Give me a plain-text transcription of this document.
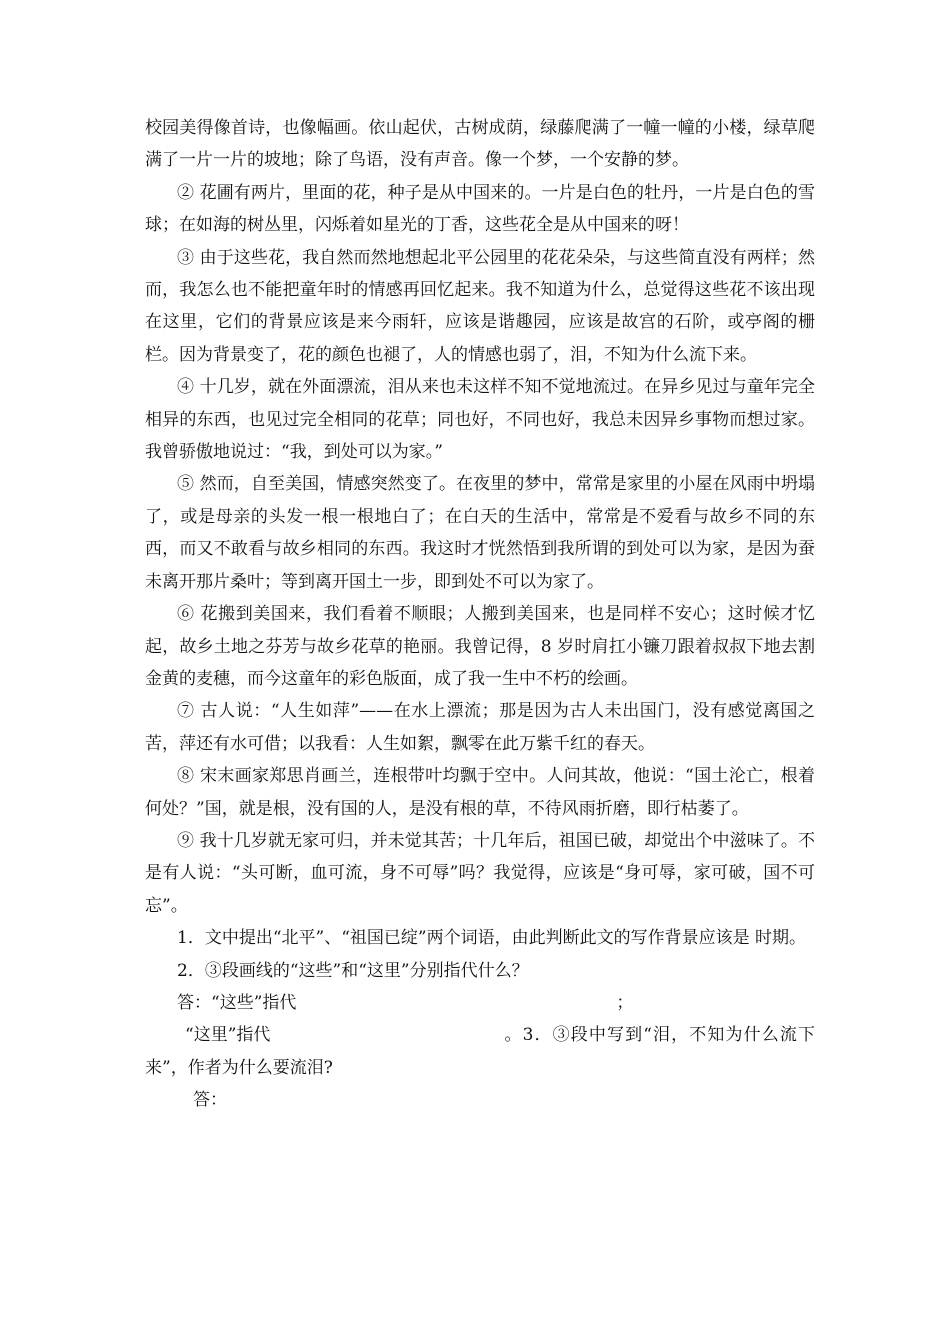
校园美得像首诗，也像幅画。依山起伏，古树成荫，绿藤爬满了一幢一幢的小楼，绿草爬满了一片一片的坡地；除了鸟语，没有声音。像一个梦，一个安静的梦。

② 花圃有两片，里面的花，种子是从中国来的。一片是白色的牡丹，一片是白色的雪球；在如海的树丛里，闪烁着如星光的丁香，这些花全是从中国来的呀！

③ 由于这些花，我自然而然地想起北平公园里的花花朵朵，与这些简直没有两样；然而，我怎么也不能把童年时的情感再回忆起来。我不知道为什么，总觉得这些花不该出现在这里，它们的背景应该是来今雨轩，应该是谐趣园，应该是故宫的石阶，或亭阁的栅栏。因为背景变了，花的颜色也褪了，人的情感也弱了，泪，不知为什么流下来。

④ 十几岁，就在外面漂流，泪从来也未这样不知不觉地流过。在异乡见过与童年完全相异的东西，也见过完全相同的花草；同也好，不同也好，我总未因异乡事物而想过家。我曾骄傲地说过：“我，到处可以为家。”

⑤ 然而，自至美国，情感突然变了。在夜里的梦中，常常是家里的小屋在风雨中坍塌了，或是母亲的头发一根一根地白了；在白天的生活中，常常是不爱看与故乡不同的东西，而又不敢看与故乡相同的东西。我这时才恍然悟到我所谓的到处可以为家，是因为蚕未离开那片桑叶；等到离开国土一步，即到处不可以为家了。

⑥ 花搬到美国来，我们看着不顺眼；人搬到美国来，也是同样不安心；这时候才忆起，故乡土地之芬芳与故乡花草的艳丽。我曾记得，8 岁时肩扛小镰刀跟着叔叔下地去割金黄的麦穗，而今这童年的彩色版面，成了我一生中不朽的绘画。

⑦ 古人说：“人生如萍”——在水上漂流；那是因为古人未出国门，没有感觉离国之苦，萍还有水可借；以我看：人生如絮，飘零在此万紫千红的春天。

⑧ 宋末画家郑思肖画兰，连根带叶均飘于空中。人问其故，他说：“国土沦亡，根着何处？”国，就是根，没有国的人，是没有根的草，不待风雨折磨，即行枯萎了。

⑨ 我十几岁就无家可归，并未觉其苦；十几年后，祖国已破，却觉出个中滋味了。不是有人说：“头可断，血可流，身不可辱”吗？我觉得，应该是“身可辱，家可破，国不可忘”。

1．文中提出“北平”、“祖国已绽”两个词语，由此判断此文的写作背景应该是 时期。

2．③段画线的“这些”和“这里”分别指代什么？

答：“这些”指代	；

“这里”指代	。3．③段中写到“泪，不知为什么流下来”，作者为什么要流泪?

答：
